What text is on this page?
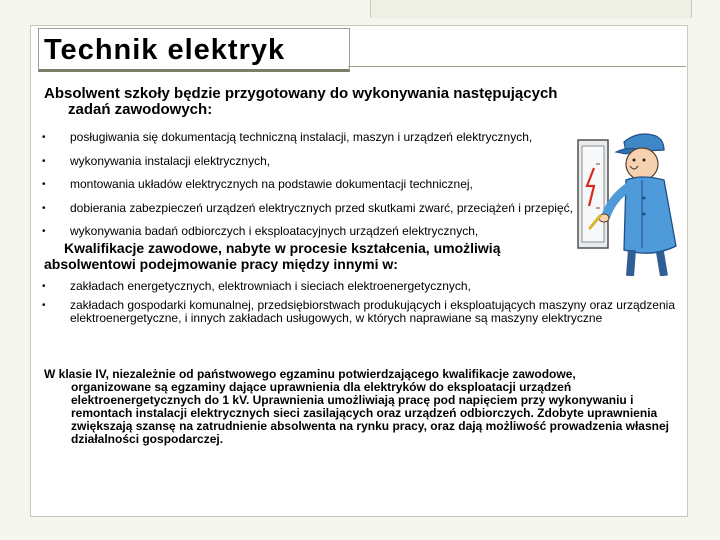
Technik elektryk

Absolwent szkoły będzie przygotowany do wykonywania następujących
zadań zawodowych:

•	posługiwania się dokumentacją techniczną instalacji, maszyn i urządzeń elektrycznych,
•	wykonywania instalacji elektrycznych,
•	montowania układów elektrycznych na podstawie dokumentacji technicznej,
•	dobierania zabezpieczeń urządzeń elektrycznych przed skutkami zwarć, przeciążeń i przepięć,
•	wykonywania badań odbiorczych i eksploatacyjnych urządzeń elektrycznych,

Kwalifikacje zawodowe, nabyte w procesie kształcenia, umożliwią
absolwentowi podejmowanie pracy między innymi w:

•	zakładach energetycznych, elektrowniach i sieciach elektroenergetycznych,
•	zakładach gospodarki komunalnej, przedsiębiorstwach produkujących i eksploatujących maszyny oraz urządzenia elektroenergetyczne, i innych zakładach usługowych, w których naprawiane są maszyny elektryczne

W klasie IV, niezależnie od państwowego egzaminu potwierdzającego kwalifikacje zawodowe,
organizowane są egzaminy dające uprawnienia dla elektryków do eksploatacji urządzeń elektroenergetycznych do 1 kV. Uprawnienia umożliwiają pracę pod napięciem przy wykonywaniu i remontach instalacji elektrycznych sieci zasilających oraz urządzeń odbiorczych. Zdobyte uprawnienia zwiększają szansę na zatrudnienie absolwenta na rynku pracy, oraz dają możliwość prowadzenia własnej działalności gospodarczej.
